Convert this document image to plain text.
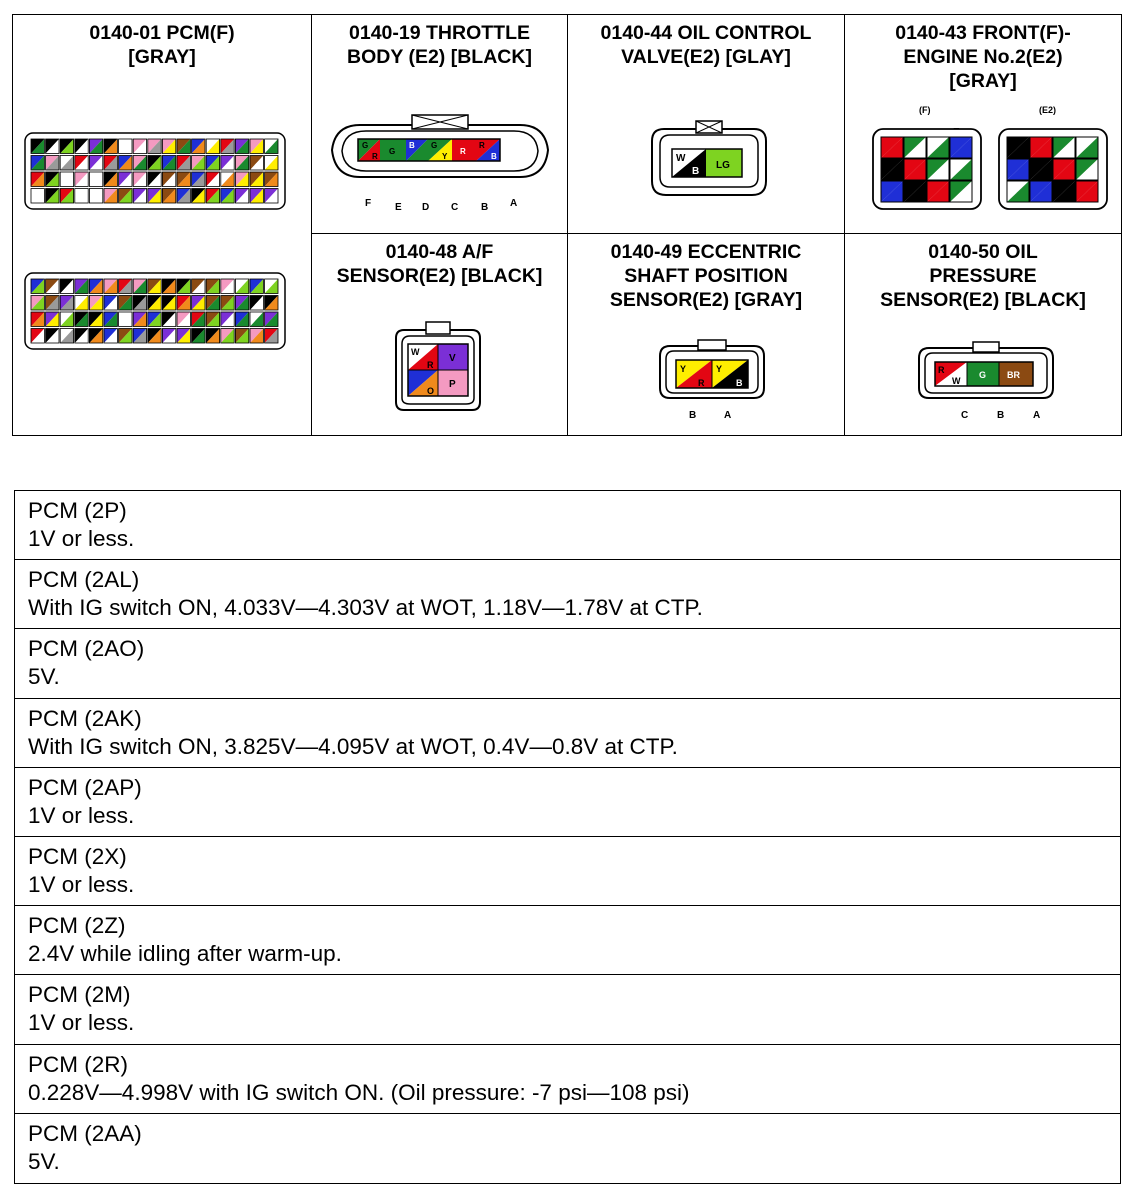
0140-01 PCM(F)
[GRAY]
0140-19 THROTTLE
BODY (E2) [BLACK]
G
R
G
B G
Y
R
R
B
F E D C B A
0140-44 OIL CONTROL
VALVE(E2) [GLAY]
W
B
LG
0140-43 FRONT(F)-
ENGINE No.2(E2)
[GRAY]
(F)	(E2)
0140-48 A/F
SENSOR(E2) [BLACK]
W
R
V
O
P
0140-49 ECCENTRIC
SHAFT POSITION
SENSOR(E2) [GRAY]
Y
R
Y
B
B	A
0140-50 OIL
PRESSURE
SENSOR(E2) [BLACK]
R
W
G BR
C	B	A
PCM (2P)
1V or less.
PCM (2AL)
With IG switch ON, 4.033V—4.303V at WOT, 1.18V—1.78V at CTP.
PCM (2AO)
5V.
PCM (2AK)
With IG switch ON, 3.825V—4.095V at WOT, 0.4V—0.8V at CTP.
PCM (2AP)
1V or less.
PCM (2X)
1V or less.
PCM (2Z)
2.4V while idling after warm-up.
PCM (2M)
1V or less.
PCM (2R)
0.228V—4.998V with IG switch ON. (Oil pressure: -7 psi—108 psi)
PCM (2AA)
5V.
